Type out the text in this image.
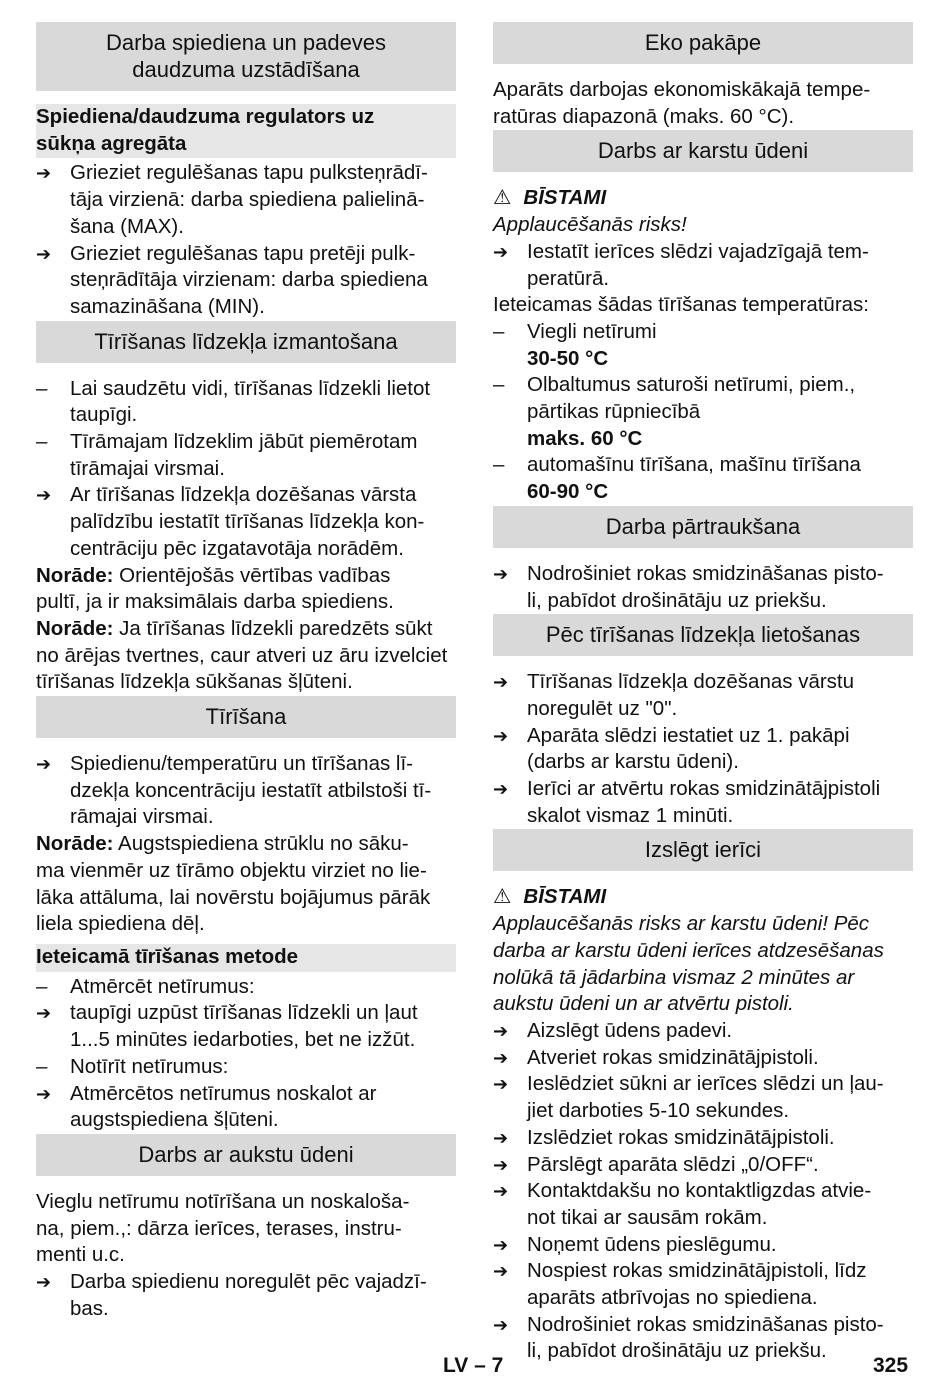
Darba spiediena un padeves
daudzuma uzstādīšana
Spiediena/daudzuma regulators uz
sūkņa agregāta
➔ Grieziet regulēšanas tapu pulksteņrādī-
tāja virzienā: darba spiediena palielinā-
šana (MAX).
➔ Grieziet regulēšanas tapu pretēji pulk-
steņrādītāja virzienam: darba spiediena
samazināšana (MIN).
Tīrīšanas līdzekļa izmantošana
– Lai saudzētu vidi, tīrīšanas līdzekli lietot
taupīgi.
– Tīrāmajam līdzeklim jābūt piemērotam
tīrāmajai virsmai.
➔ Ar tīrīšanas līdzekļa dozēšanas vārsta
palīdzību iestatīt tīrīšanas līdzekļa kon-
centrāciju pēc izgatavotāja norādēm.
Norāde: Orientējošās vērtības vadības
pultī, ja ir maksimālais darba spiediens.
Norāde: Ja tīrīšanas līdzekli paredzēts sūkt
no ārējas tvertnes, caur atveri uz āru izvelciet
tīrīšanas līdzekļa sūkšanas šļūteni.
Tīrīšana
➔ Spiedienu/temperatūru un tīrīšanas lī-
dzekļa koncentrāciju iestatīt atbilstoši tī-
rāmajai virsmai.
Norāde: Augstspiediena strūklu no sāku-
ma vienmēr uz tīrāmo objektu virziet no lie-
lāka attāluma, lai novērstu bojājumus pārāk
liela spiediena dēļ.
Ieteicamā tīrīšanas metode
– Atmērcēt netīrumus:
➔ taupīgi uzpūst tīrīšanas līdzekli un ļaut
1...5 minūtes iedarboties, bet ne izžūt.
– Notīrīt netīrumus:
➔ Atmērcētos netīrumus noskalot ar
augstspiediena šļūteni.
Darbs ar aukstu ūdeni
Vieglu netīrumu notīrīšana un noskaloša-
na, piem.,: dārza ierīces, terases, instru-
menti u.c.
➔ Darba spiedienu noregulēt pēc vajadzī-
bas.
Eko pakāpe
Aparāts darbojas ekonomiskākajā tempe-
ratūras diapazonā (maks. 60 °C).
Darbs ar karstu ūdeni
⚠ BĪSTAMI
Applaucēšanās risks!
➔ Iestatīt ierīces slēdzi vajadzīgajā tem-
peratūrā.
Ieteicamas šādas tīrīšanas temperatūras:
– Viegli netīrumi
30-50 °C
– Olbaltumus saturoši netīrumi, piem.,
pārtikas rūpniecībā
maks. 60 °C
– automašīnu tīrīšana, mašīnu tīrīšana
60-90 °C
Darba pārtraukšana
➔ Nodrošiniet rokas smidzināšanas pisto-
li, pabīdot drošinātāju uz priekšu.
Pēc tīrīšanas līdzekļa lietošanas
➔ Tīrīšanas līdzekļa dozēšanas vārstu
noregulēt uz "0".
➔ Aparāta slēdzi iestatiet uz 1. pakāpi
(darbs ar karstu ūdeni).
➔ Ierīci ar atvērtu rokas smidzinātājpistoli
skalot vismaz 1 minūti.
Izslēgt ierīci
⚠ BĪSTAMI
Applaucēšanās risks ar karstu ūdeni! Pēc
darba ar karstu ūdeni ierīces atdzesēšanas
nolūkā tā jādarbina vismaz 2 minūtes ar
aukstu ūdeni un ar atvērtu pistoli.
➔ Aizslēgt ūdens padevi.
➔ Atveriet rokas smidzinātājpistoli.
➔ Ieslēdziet sūkni ar ierīces slēdzi un ļau-
jiet darboties 5-10 sekundes.
➔ Izslēdziet rokas smidzinātājpistoli.
➔ Pārslēgt aparāta slēdzi „0/OFF“.
➔ Kontaktdakšu no kontaktligzdas atvie-
not tikai ar sausām rokām.
➔ Noņemt ūdens pieslēgumu.
➔ Nospiest rokas smidzinātājpistoli, līdz
aparāts atbrīvojas no spiediena.
➔ Nodrošiniet rokas smidzināšanas pisto-
li, pabīdot drošinātāju uz priekšu.
LV – 7	325
